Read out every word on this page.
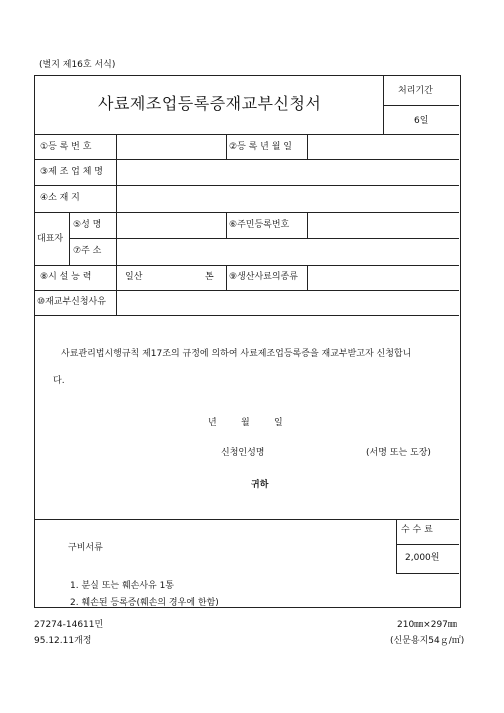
(별지 제16호 서식)
사료제조업등록증재교부신청서
처리기간
6일
①등 록 번 호	②등 록 년 월 일
③제 조 업 체 명
④소 재 지
대표자
⑤성 명	⑥주민등록번호
⑦주 소
⑧시 설 능 력	일산	톤 ⑨생산사료의종류
⑩재교부신청사유
사료관리법시행규칙 제17조의 규정에 의하여 사료제조업등록증을 재교부받고자 신청합니
다.
년	월	일
신청인성명	(서명 또는 도장)
귀하
수 수 료
2,000원
구비서류
1. 분실 또는 훼손사유 1통
2. 훼손된 등록증(훼손의 경우에 한함)
27274-14611민
95.12.11개정
210㎜×297㎜
(신문용지54ｇ/㎡)
